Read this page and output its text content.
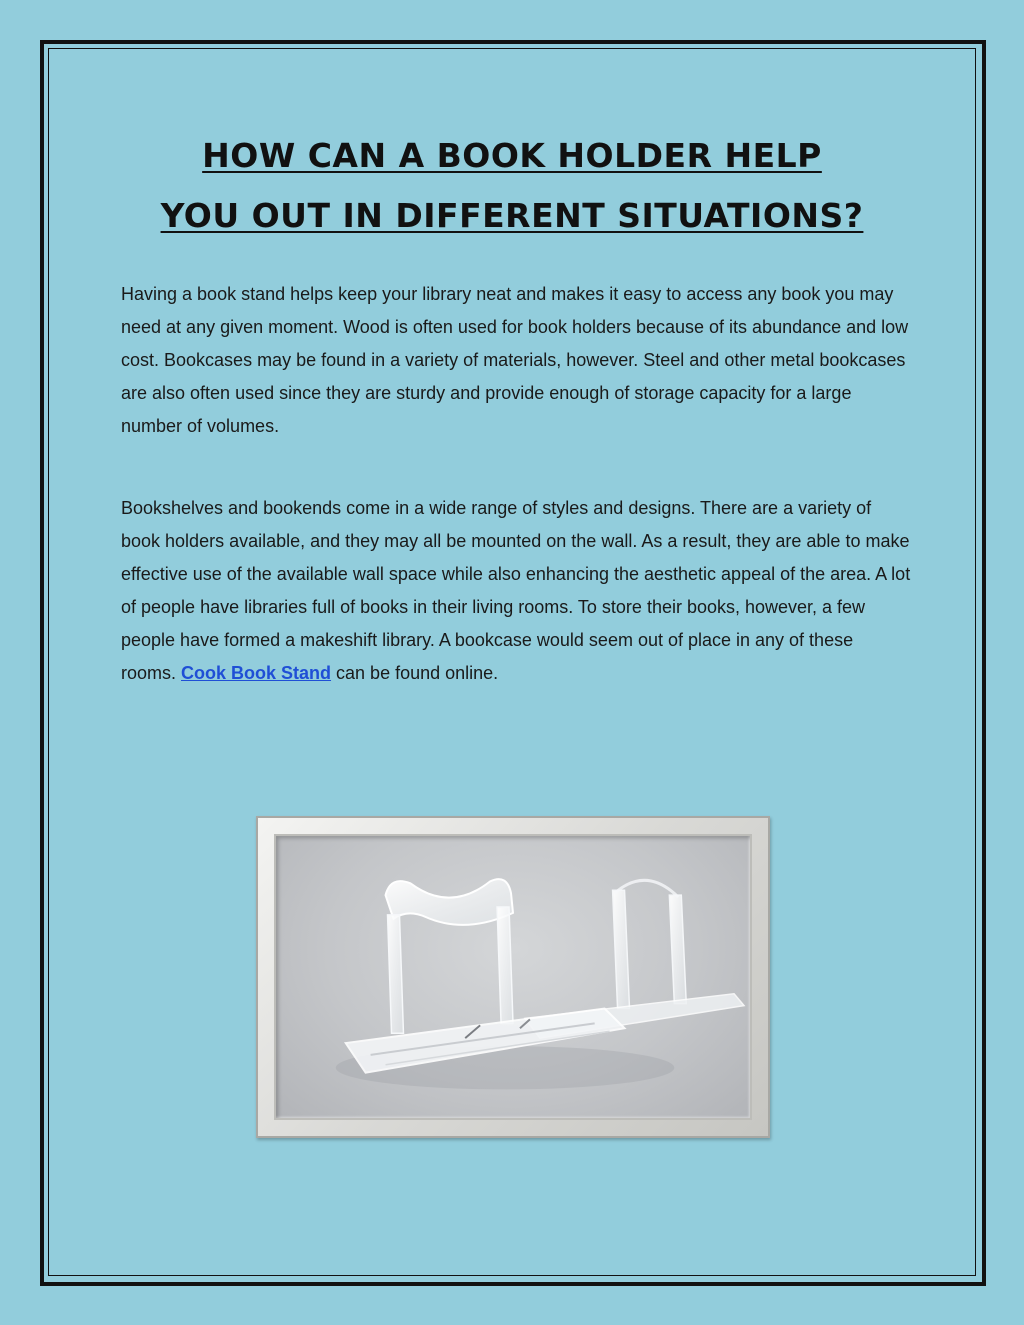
HOW CAN A BOOK HOLDER HELP
YOU OUT IN DIFFERENT SITUATIONS?

Having a book stand helps keep your library neat and makes it easy to access any book you may need at any given moment. Wood is often used for book holders because of its abundance and low cost. Bookcases may be found in a variety of materials, however. Steel and other metal bookcases are also often used since they are sturdy and provide enough of storage capacity for a large number of volumes.

Bookshelves and bookends come in a wide range of styles and designs. There are a variety of book holders available, and they may all be mounted on the wall. As a result, they are able to make effective use of the available wall space while also enhancing the aesthetic appeal of the area. A lot of people have libraries full of books in their living rooms. To store their books, however, a few people have formed a makeshift library. A bookcase would seem out of place in any of these rooms. Cook Book Stand can be found online.
